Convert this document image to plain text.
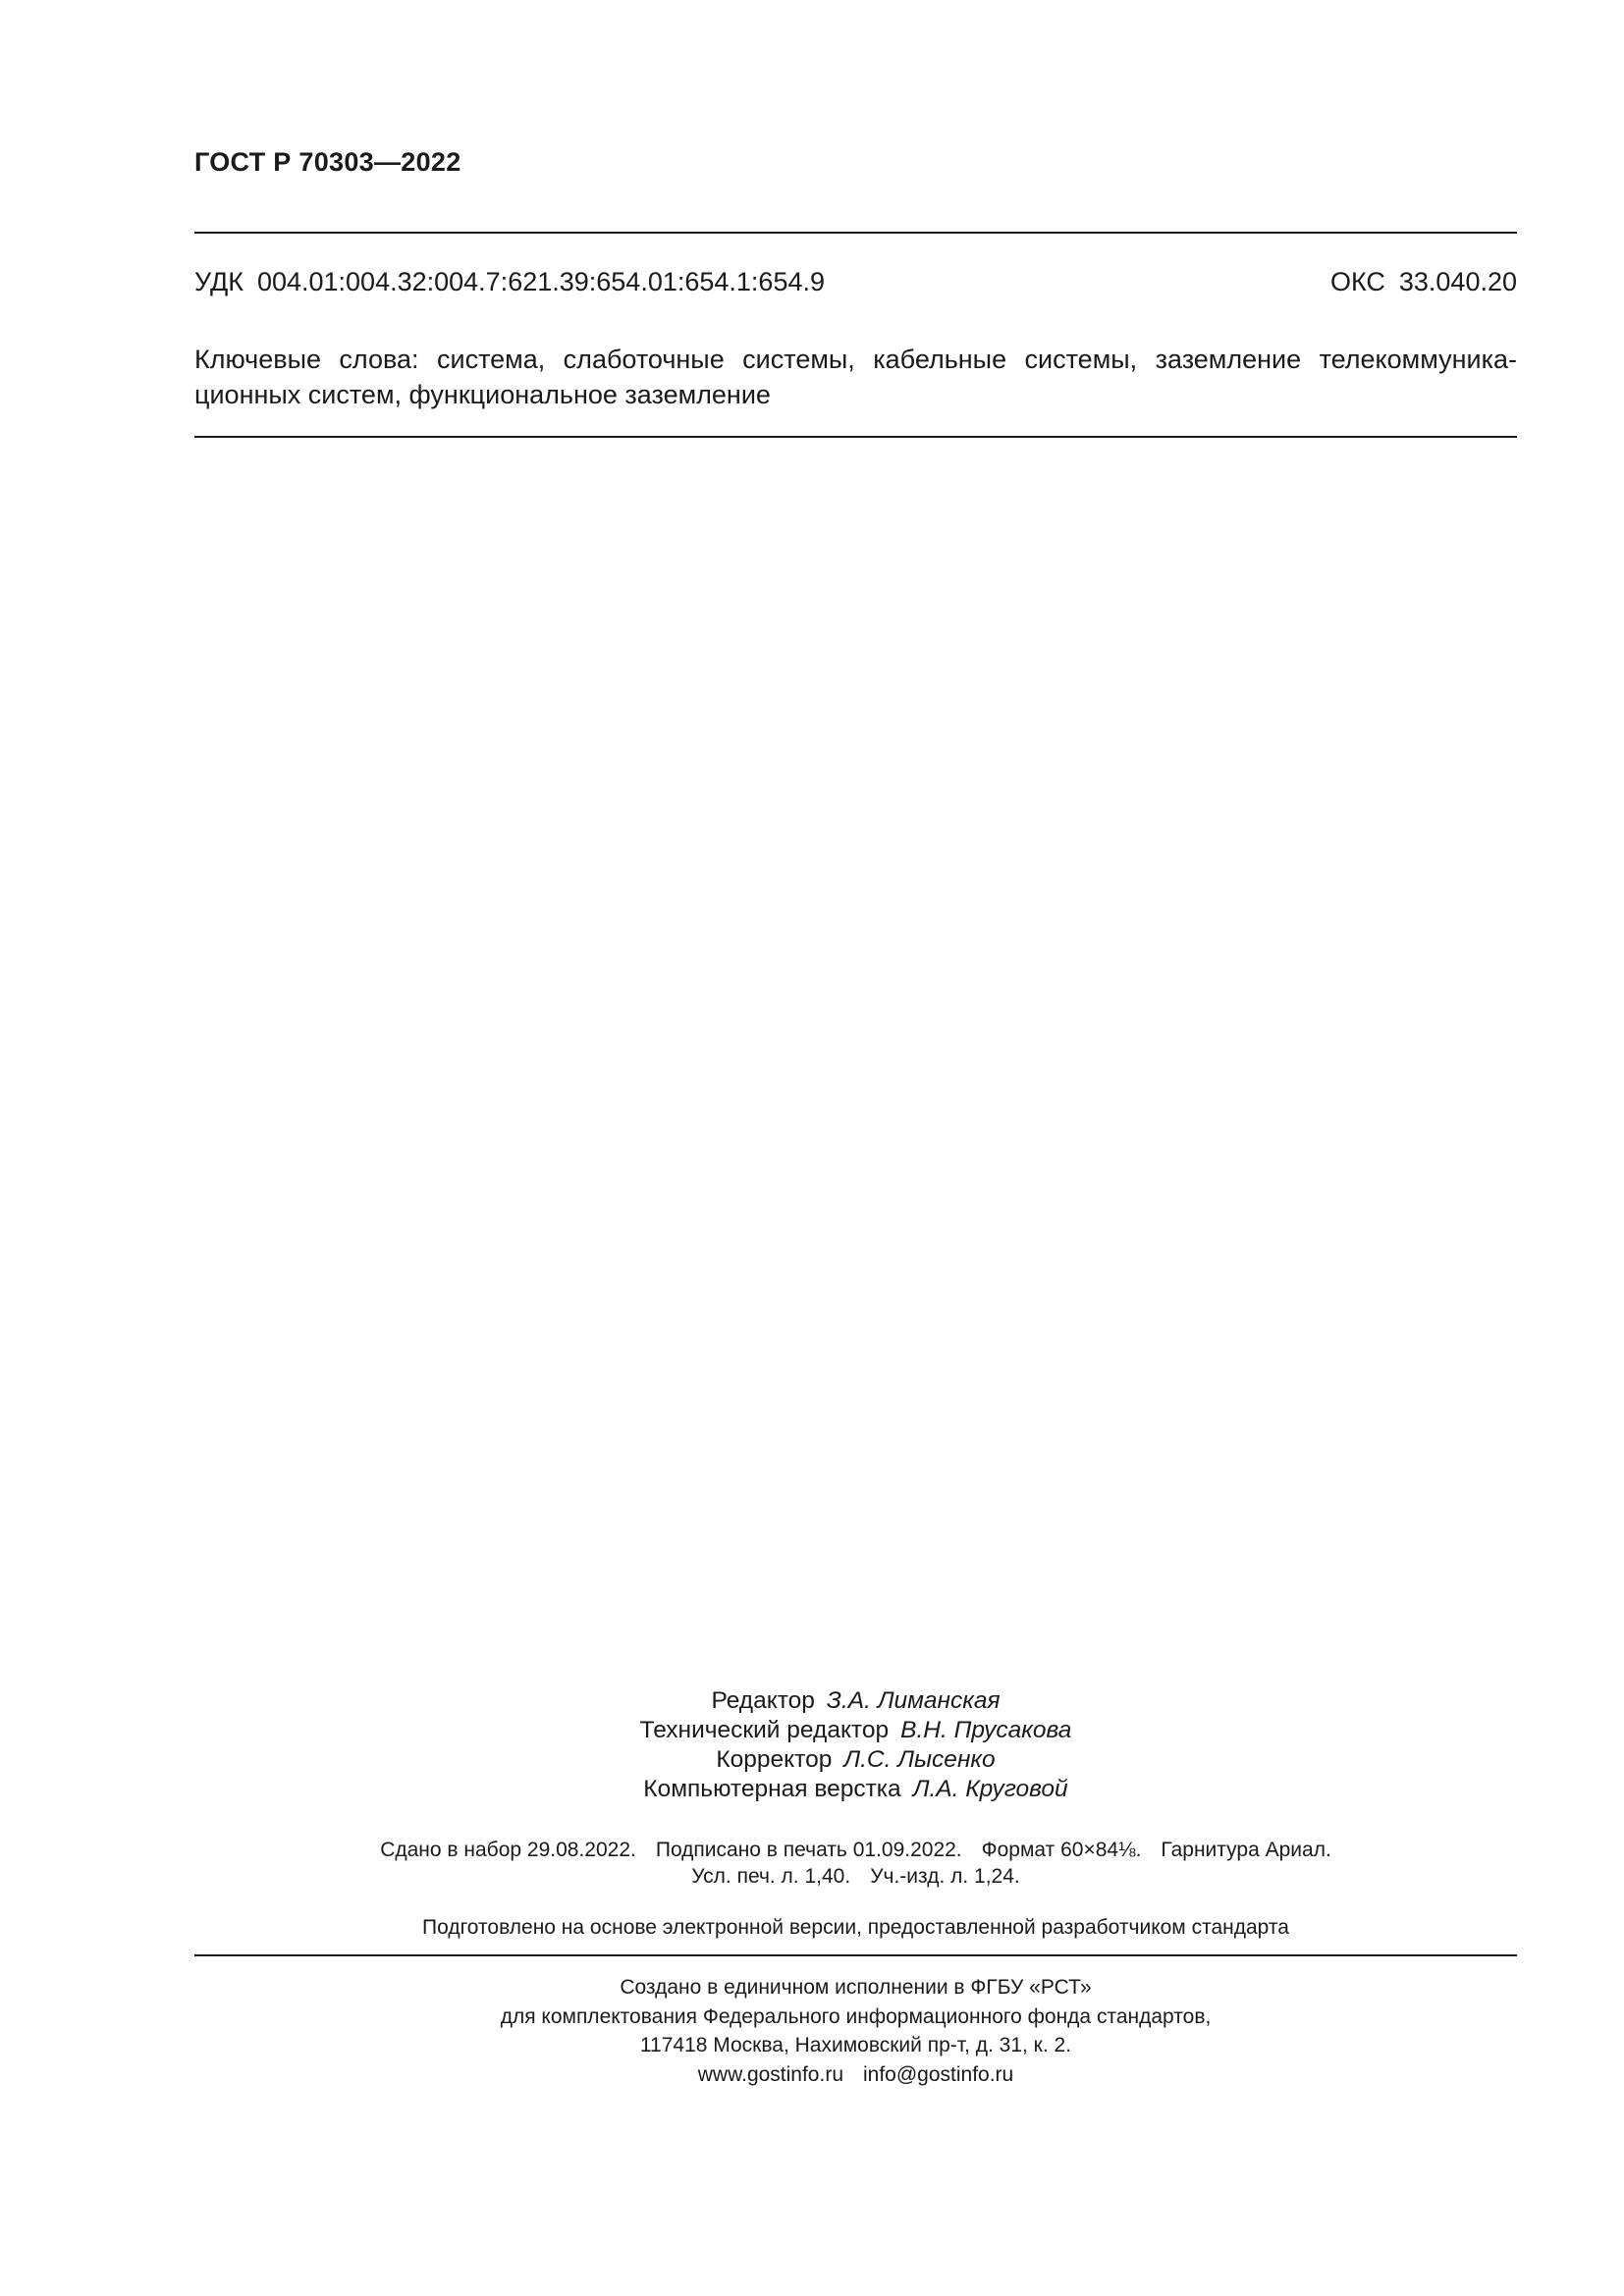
ГОСТ Р 70303—2022
УДК 004.01:004.32:004.7:621.39:654.01:654.1:654.9	ОКС 33.040.20
Ключевые слова: система, слаботочные системы, кабельные системы, заземление телекоммуника-
ционных систем, функциональное заземление
Редактор З.А. Лиманская
Технический редактор В.Н. Прусакова
Корректор Л.С. Лысенко
Компьютерная верстка Л.А. Круговой
Сдано в набор 29.08.2022. Подписано в печать 01.09.2022. Формат 60×84⅛. Гарнитура Ариал.
Усл. печ. л. 1,40. Уч.-изд. л. 1,24.
Подготовлено на основе электронной версии, предоставленной разработчиком стандарта
Создано в единичном исполнении в ФГБУ «РСТ»
для комплектования Федерального информационного фонда стандартов,
117418 Москва, Нахимовский пр-т, д. 31, к. 2.
www.gostinfo.ru info@gostinfo.ru
